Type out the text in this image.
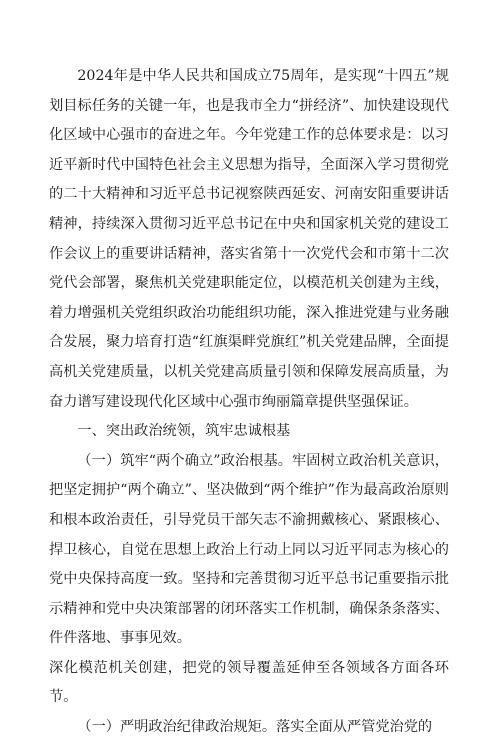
2024年是中华人民共和国成立75周年，是实现“十四五”规划目标任务的关键一年，也是我市全力“拼经济”、加快建设现代化区域中心强市的奋进之年。今年党建工作的总体要求是：以习近平新时代中国特色社会主义思想为指导，全面深入学习贯彻党的二十大精神和习近平总书记视察陕西延安、河南安阳重要讲话精神，持续深入贯彻习近平总书记在中央和国家机关党的建设工作会议上的重要讲话精神，落实省第十一次党代会和市第十二次党代会部署，聚焦机关党建职能定位，以模范机关创建为主线，着力增强机关党组织政治功能组织功能，深入推进党建与业务融合发展，聚力培育打造“红旗渠畔党旗红”机关党建品牌，全面提高机关党建质量，以机关党建高质量引领和保障发展高质量，为奋力谱写建设现代化区域中心强市绚丽篇章提供坚强保证。

一、突出政治统领，筑牢忠诚根基

（一）筑牢“两个确立”政治根基。牢固树立政治机关意识，把坚定拥护“两个确立”、坚决做到“两个维护”作为最高政治原则和根本政治责任，引导党员干部矢志不渝拥戴核心、紧跟核心、捍卫核心，自觉在思想上政治上行动上同以习近平同志为核心的党中央保持高度一致。坚持和完善贯彻习近平总书记重要指示批示精神和党中央决策部署的闭环落实工作机制，确保条条落实、件件落地、事事见效。

深化模范机关创建，把党的领导覆盖延伸至各领域各方面各环节。

（一）严明政治纪律政治规矩。落实全面从严管党治党的
